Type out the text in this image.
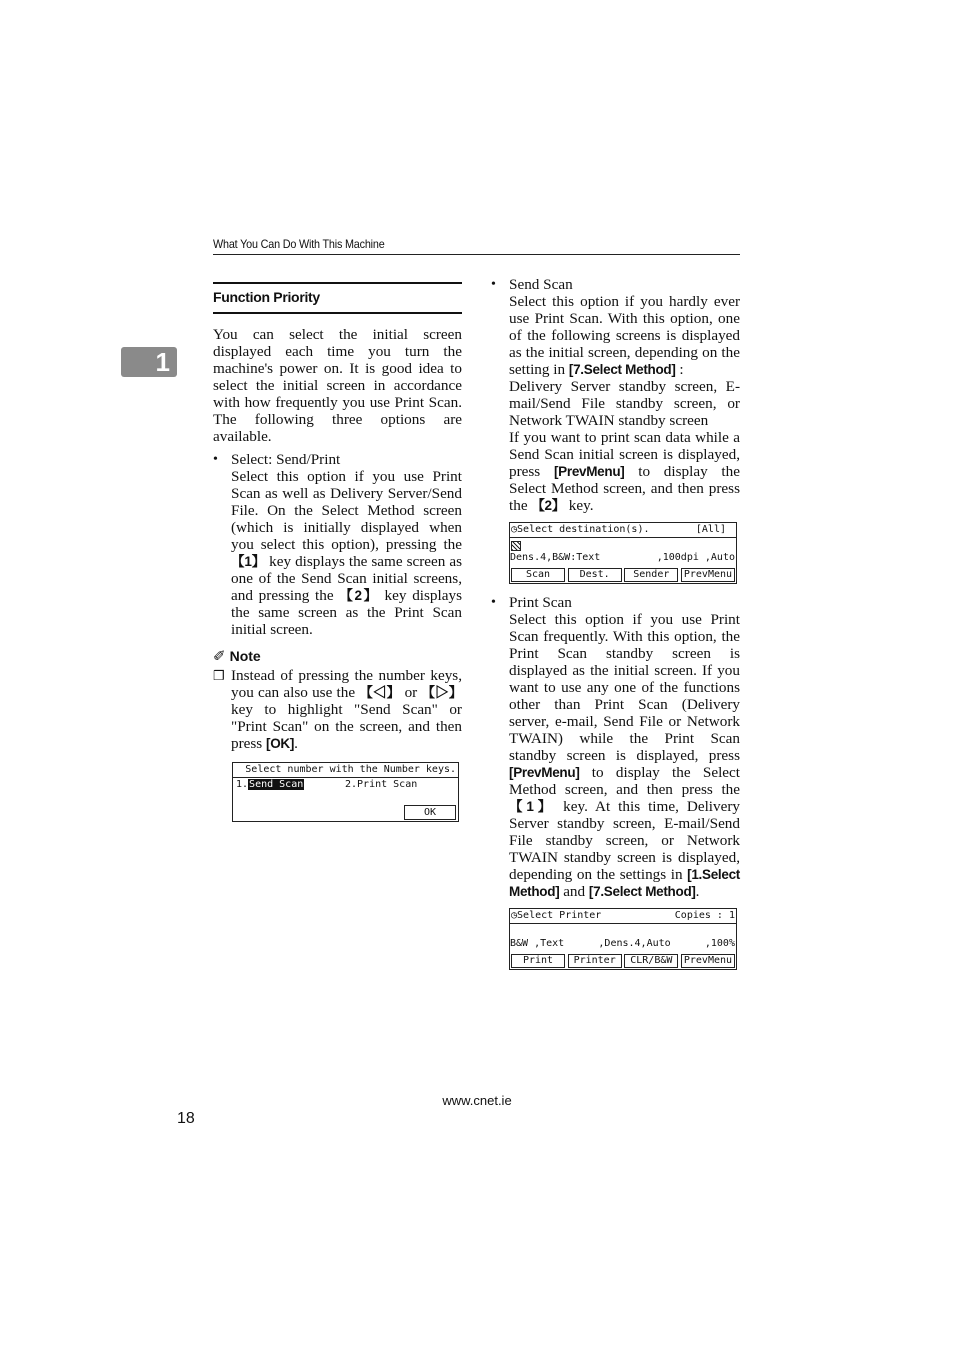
What You Can Do With This Machine
1
Function Priority
You can select the initial screen displayed each time you turn the machine's power on. It is good idea to select the initial screen in accordance with how frequently you use Print Scan. The following three options are available.
• Select: Send/Print
Select this option if you use Print Scan as well as Delivery Server/Send File. On the Select Method screen (which is initially displayed when you select this option), pressing the 【1】 key displays the same screen as one of the Send Scan initial screens, and pressing the 【2】 key displays the same screen as the Print Scan initial screen.
✐ Note
❒ Instead of pressing the number keys, you can also use the 【◁】 or 【▷】 key to highlight "Send Scan" or "Print Scan" on the screen, and then press [OK].
Select number with the Number keys.
1.Send Scan	2.Print Scan
OK
• Send Scan
Select this option if you hardly ever use Print Scan. With this option, one of the following screens is displayed as the initial screen, depending on the setting in [7.Select Method] :
Delivery Server standby screen, E-mail/Send File standby screen, or Network TWAIN standby screen
If you want to print scan data while a Send Scan initial screen is displayed, press [PrevMenu] to display the Select Method screen, and then press the 【2】 key.
◷Select destination(s).	[All]
Dens.4,B&W:Text	,100dpi ,Auto
Scan	Dest.	Sender	PrevMenu
• Print Scan
Select this option if you use Print Scan frequently. With this option, the Print Scan standby screen is displayed as the initial screen. If you want to use any one of the functions other than Print Scan (Delivery server, e-mail, Send File or Network TWAIN) while the Print Scan standby screen is displayed, press [PrevMenu] to display the Select Method screen, and then press the 【1】 key. At this time, Delivery Server standby screen, E-mail/Send File standby screen, or Network TWAIN standby screen is displayed, depending on the settings in [1.Select Method] and [7.Select Method].
◷Select Printer	Copies : 1
B&W ,Text	,Dens.4,Auto	,100%
Print	Printer	CLR/B&W	PrevMenu
www.cnet.ie
18
